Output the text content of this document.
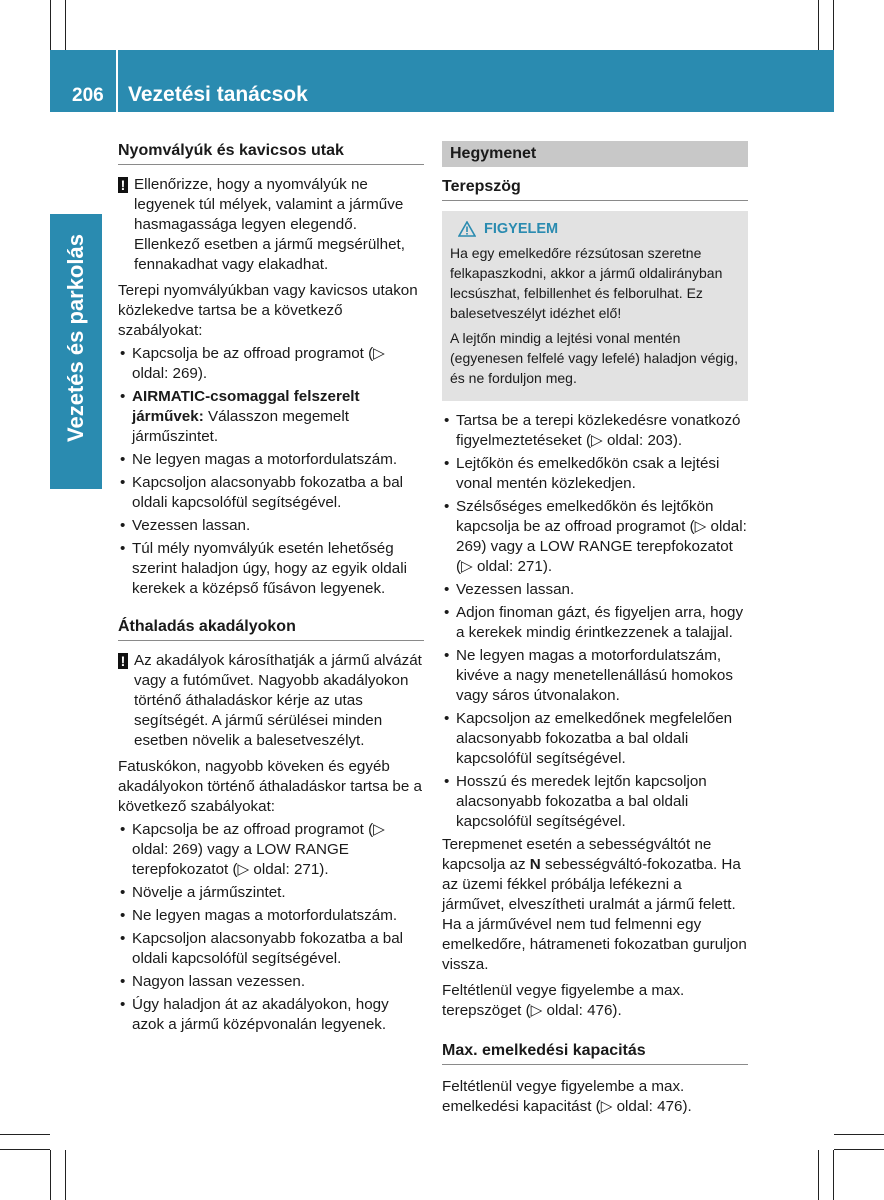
206 Vezetési tanácsok
Vezetés és parkolás
Nyomvályúk és kavicsos utak
! Ellenőrizze, hogy a nyomvályúk ne legyenek túl mélyek, valamint a járműve hasmagassága legyen elegendő. Ellenkező esetben a jármű megsérülhet, fennakadhat vagy elakadhat.

Terepi nyomvályúkban vagy kavicsos utakon közlekedve tartsa be a következő szabályokat:

• Kapcsolja be az offroad programot (▷ oldal: 269).
• AIRMATIC-csomaggal felszerelt járművek: Válasszon megemelt járműszintet.
• Ne legyen magas a motorfordulatszám.
• Kapcsoljon alacsonyabb fokozatba a bal oldali kapcsolófül segítségével.
• Vezessen lassan.
• Túl mély nyomvályúk esetén lehetőség szerint haladjon úgy, hogy az egyik oldali kerekek a középső fűsávon legyenek.
Áthaladás akadályokon
! Az akadályok károsíthatják a jármű alvázát vagy a futóművet. Nagyobb akadályokon történő áthaladáskor kérje az utas segítségét. A jármű sérülései minden esetben növelik a balesetveszélyt.

Fatuskókon, nagyobb köveken és egyéb akadályokon történő áthaladáskor tartsa be a következő szabályokat:

• Kapcsolja be az offroad programot (▷ oldal: 269) vagy a LOW RANGE terepfokozatot (▷ oldal: 271).
• Növelje a járműszintet.
• Ne legyen magas a motorfordulatszám.
• Kapcsoljon alacsonyabb fokozatba a bal oldali kapcsolófül segítségével.
• Nagyon lassan vezessen.
• Úgy haladjon át az akadályokon, hogy azok a jármű középvonalán legyenek.
Hegymenet
Terepszög
FIGYELEM

Ha egy emelkedőre rézsútosan szeretne felkapaszkodni, akkor a jármű oldalirányban lecsúszhat, felbillenhet és felborulhat. Ez balesetveszélyt idézhet elő!

A lejtőn mindig a lejtési vonal mentén (egyenesen felfelé vagy lefelé) haladjon végig, és ne forduljon meg.

• Tartsa be a terepi közlekedésre vonatkozó figyelmeztetéseket (▷ oldal: 203).
• Lejtőkön és emelkedőkön csak a lejtési vonal mentén közlekedjen.
• Szélsőséges emelkedőkön és lejtőkön kapcsolja be az offroad programot (▷ oldal: 269) vagy a LOW RANGE terepfokozatot (▷ oldal: 271).
• Vezessen lassan.
• Adjon finoman gázt, és figyeljen arra, hogy a kerekek mindig érintkezzenek a talajjal.
• Ne legyen magas a motorfordulatszám, kivéve a nagy menetellenállású homokos vagy sáros útvonalakon.
• Kapcsoljon az emelkedőnek megfelelően alacsonyabb fokozatba a bal oldali kapcsolófül segítségével.
• Hosszú és meredek lejtőn kapcsoljon alacsonyabb fokozatba a bal oldali kapcsolófül segítségével.

Terepmenet esetén a sebességváltót ne kapcsolja az N sebességváltó-fokozatba. Ha az üzemi fékkel próbálja lefékezni a járművet, elveszítheti uralmát a jármű felett. Ha a járművével nem tud felmenni egy emelkedőre, hátrameneti fokozatban guruljon vissza.

Feltétlenül vegye figyelembe a max. terepszöget (▷ oldal: 476).

Max. emelkedési kapacitás

Feltétlenül vegye figyelembe a max. emelkedési kapacitást (▷ oldal: 476).
